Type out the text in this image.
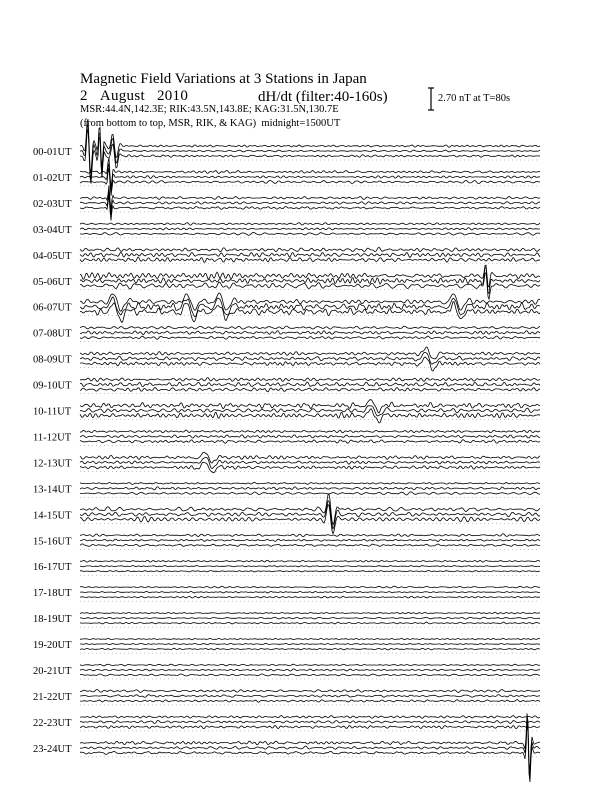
Magnetic Field Variations at 3 Stations in Japan
2 August 2010	dH/dt (filter:40-160s)
MSR:44.4N,142.3E; RIK:43.5N,143.8E; KAG:31.5N,130.7E
(from bottom to top, MSR, RIK, & KAG) midnight=1500UT
2.70 nT at T=80s
00-01UT
01-02UT
02-03UT
03-04UT
04-05UT
05-06UT
06-07UT
07-08UT
08-09UT
09-10UT
10-11UT
11-12UT
12-13UT
13-14UT
14-15UT
15-16UT
16-17UT
17-18UT
18-19UT
19-20UT
20-21UT
21-22UT
22-23UT
23-24UT
